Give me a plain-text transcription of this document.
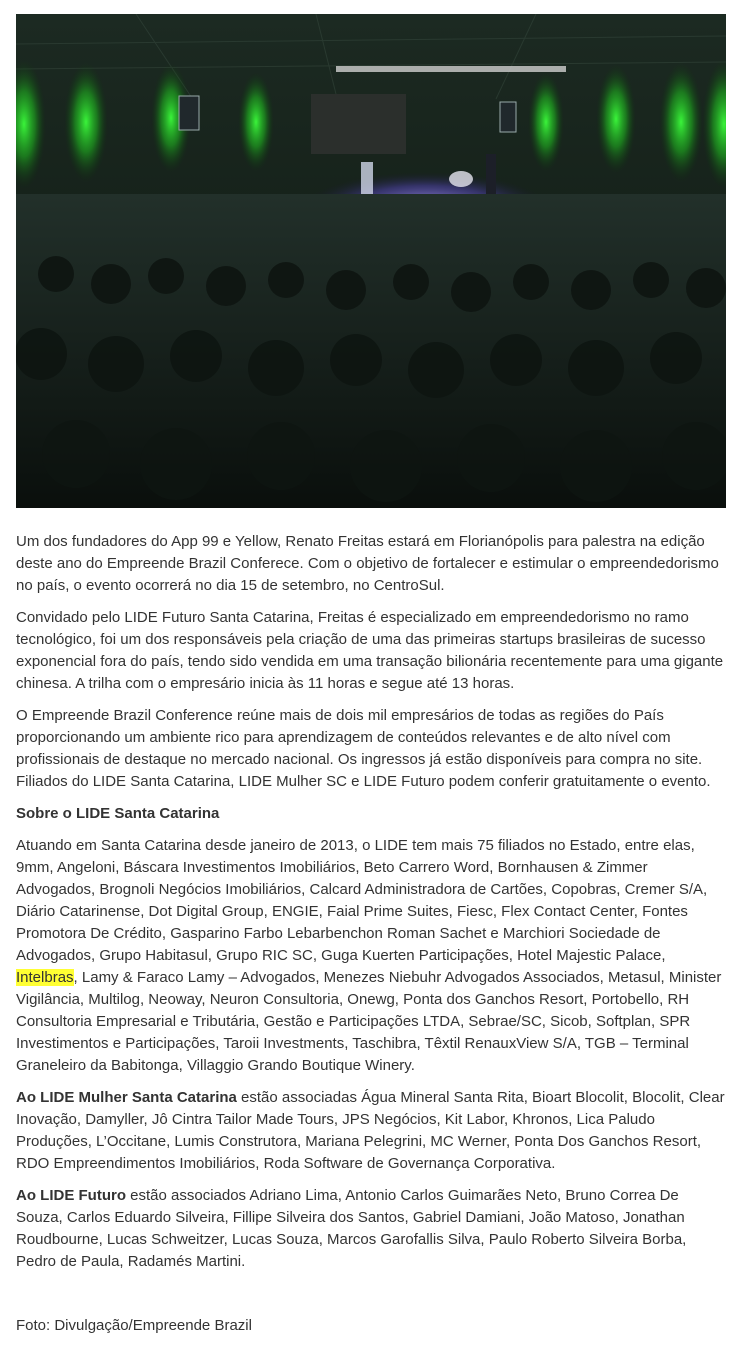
Um dos fundadores do App 99 e Yellow, Renato Freitas estará em Florianópolis para palestra na edição deste ano do Empreende Brazil Conferece. Com o objetivo de fortalecer e estimular o empreendedorismo no país, o evento ocorrerá no dia 15 de setembro, no CentroSul.

Convidado pelo LIDE Futuro Santa Catarina, Freitas é especializado em empreendedorismo no ramo tecnológico, foi um dos responsáveis pela criação de uma das primeiras startups brasileiras de sucesso exponencial fora do país, tendo sido vendida em uma transação bilionária recentemente para uma gigante chinesa. A trilha com o empresário inicia às 11 horas e segue até 13 horas.

O Empreende Brazil Conference reúne mais de dois mil empresários de todas as regiões do País proporcionando um ambiente rico para aprendizagem de conteúdos relevantes e de alto nível com profissionais de destaque no mercado nacional. Os ingressos já estão disponíveis para compra no site. Filiados do LIDE Santa Catarina, LIDE Mulher SC e LIDE Futuro podem conferir gratuitamente o evento.

Sobre o LIDE Santa Catarina

Atuando em Santa Catarina desde janeiro de 2013, o LIDE tem mais 75 filiados no Estado, entre elas, 9mm, Angeloni, Báscara Investimentos Imobiliários, Beto Carrero Word, Bornhausen & Zimmer Advogados, Brognoli Negócios Imobiliários, Calcard Administradora de Cartões, Copobras, Cremer S/A, Diário Catarinense, Dot Digital Group, ENGIE, Faial Prime Suites, Fiesc, Flex Contact Center, Fontes Promotora De Crédito, Gasparino Farbo Lebarbenchon Roman Sachet e Marchiori Sociedade de Advogados, Grupo Habitasul, Grupo RIC SC, Guga Kuerten Participações, Hotel Majestic Palace, Intelbras, Lamy & Faraco Lamy – Advogados, Menezes Niebuhr Advogados Associados, Metasul, Minister Vigilância, Multilog, Neoway, Neuron Consultoria, Onewg, Ponta dos Ganchos Resort, Portobello, RH Consultoria Empresarial e Tributária, Gestão e Participações LTDA, Sebrae/SC, Sicob, Softplan, SPR Investimentos e Participações, Taroii Investments, Taschibra, Têxtil RenauxView S/A, TGB – Terminal Graneleiro da Babitonga, Villaggio Grando Boutique Winery.

Ao LIDE Mulher Santa Catarina estão associadas Água Mineral Santa Rita, Bioart Blocolit, Blocolit, Clear Inovação, Damyller, Jô Cintra Tailor Made Tours, JPS Negócios, Kit Labor, Khronos, Lica Paludo Produções, L’Occitane, Lumis Construtora, Mariana Pelegrini, MC Werner, Ponta Dos Ganchos Resort, RDO Empreendimentos Imobiliários, Roda Software de Governança Corporativa.

Ao LIDE Futuro estão associados Adriano Lima, Antonio Carlos Guimarães Neto, Bruno Correa De Souza, Carlos Eduardo Silveira, Fillipe Silveira dos Santos, Gabriel Damiani, João Matoso, Jonathan Roudbourne, Lucas Schweitzer, Lucas Souza, Marcos Garofallis Silva, Paulo Roberto Silveira Borba, Pedro de Paula, Radamés Martini.

Foto: Divulgação/Empreende Brazil
